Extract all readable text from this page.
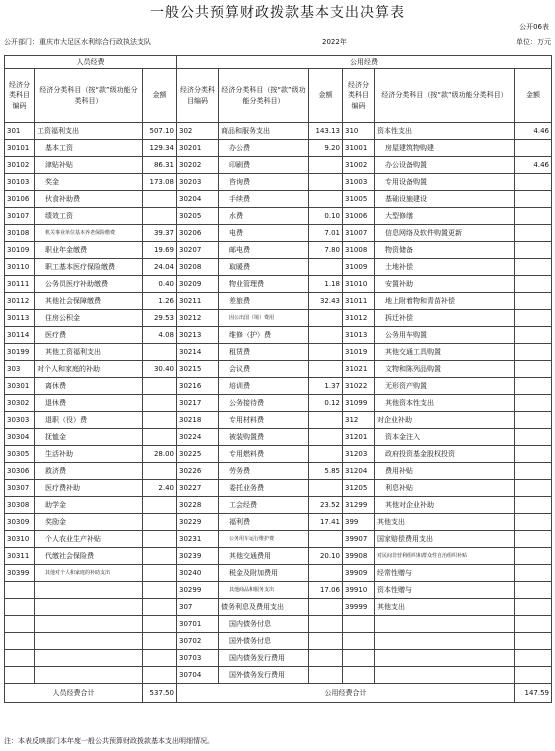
一般公共预算财政拨款基本支出决算表
公开06表
公开部门：重庆市大足区水利综合行政执法支队	2022年	单位：万元
人员经费			公用经费					
经济分类科目编码	经济分类科目（按“款”级功能分类科目）	金额	经济分类科目编码	经济分类科目（按“款”级功能分类科目）	金额	经济分类科目编码	经济分类科目（按“款”级功能分类科目）	金额
301	工资福利支出	507.10	302	商品和服务支出	143.13	310	资本性支出	4.46
30101	基本工资	129.34	30201	办公费	9.20	31001	房屋建筑物购建	
30102	津贴补贴	86.31	30202	印刷费		31002	办公设备购置	4.46
30103	奖金	173.08	30203	咨询费		31003	专用设备购置	
30106	伙食补助费		30204	手续费		31005	基础设施建设	
30107	绩效工资		30205	水费	0.10	31006	大型修缮	
30108	机关事业单位基本养老保险缴费	39.37	30206	电费	7.01	31007	信息网络及软件购置更新	
30109	职业年金缴费	19.69	30207	邮电费	7.80	31008	物资储备	
30110	职工基本医疗保险缴费	24.04	30208	取暖费		31009	土地补偿	
30111	公务员医疗补助缴费	0.40	30209	物业管理费	1.18	31010	安置补助	
30112	其他社会保障缴费	1.26	30211	差旅费	32.43	31011	地上附着物和青苗补偿	
30113	住房公积金	29.53	30212	因公出国（境）费用		31012	拆迁补偿	
30114	医疗费	4.08	30213	维修（护）费		31013	公务用车购置	
30199	其他工资福利支出		30214	租赁费		31019	其他交通工具购置	
303	对个人和家庭的补助	30.40	30215	会议费		31021	文物和陈列品购置	
30301	离休费		30216	培训费	1.37	31022	无形资产购置	
30302	退休费		30217	公务接待费	0.12	31099	其他资本性支出	
30303	退职（役）费		30218	专用材料费		312	对企业补助	
30304	抚恤金		30224	被装购置费		31201	资本金注入	
30305	生活补助	28.00	30225	专用燃料费		31203	政府投资基金股权投资	
30306	救济费		30226	劳务费	5.85	31204	费用补贴	
30307	医疗费补助	2.40	30227	委托业务费		31205	利息补贴	
30308	助学金		30228	工会经费	23.52	31299	其他对企业补助	
30309	奖励金		30229	福利费	17.41	399	其他支出	
30310	个人农业生产补贴		30231	公务用车运行维护费		39907	国家赔偿费用支出	
30311	代缴社会保险费		30239	其他交通费用	20.10	39908	对民间非营利组织和群众性自治组织补贴	
30399	其他对个人和家庭的补助支出		30240	税金及附加费用		39909	经常性赠与	
			30299	其他商品和服务支出	17.06	39910	资本性赠与	
			307	债务利息及费用支出		39999	其他支出	
			30701	国内债务付息				
			30702	国外债务付息				
			30703	国内债务发行费用				
			30704	国外债务发行费用				
人员经费合计		537.50	公用经费合计					147.59
注：本表反映部门本年度一般公共预算财政拨款基本支出明细情况。
